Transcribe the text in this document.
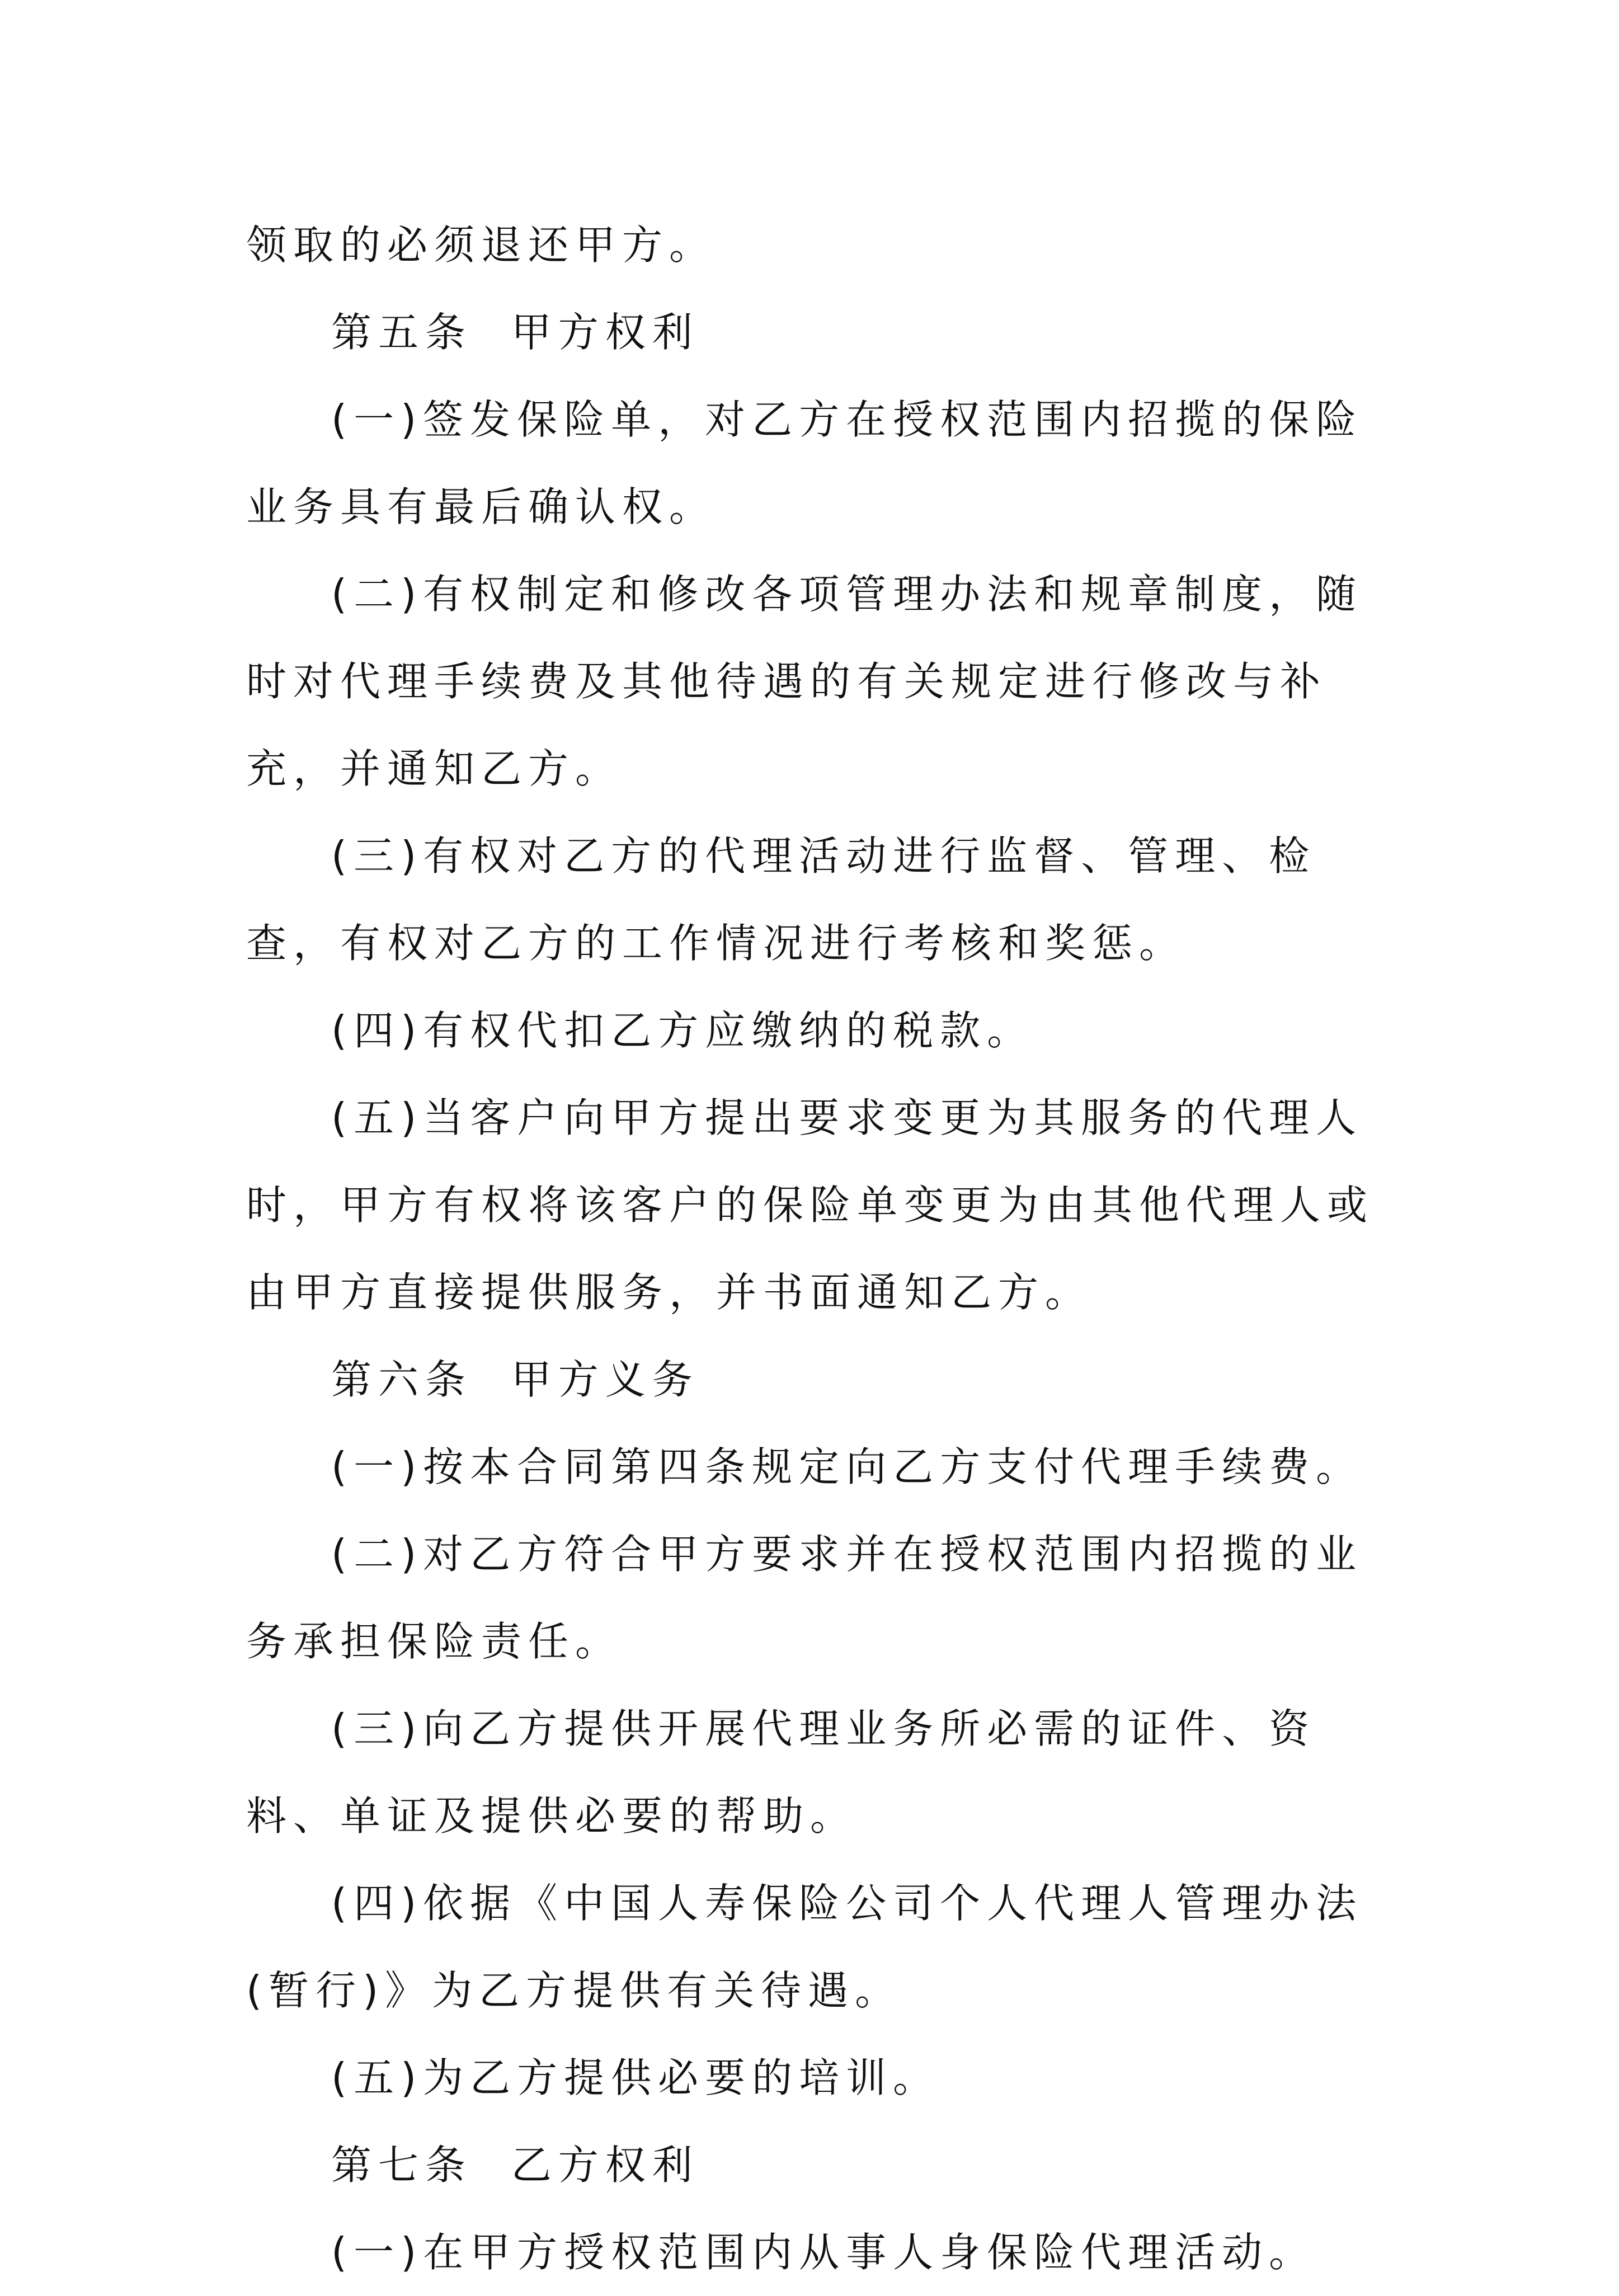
领取的必须退还甲方。

第五条  甲方权利

(一)签发保险单，对乙方在授权范围内招揽的保险业务具有最后确认权。

(二)有权制定和修改各项管理办法和规章制度，随时对代理手续费及其他待遇的有关规定进行修改与补充，并通知乙方。

(三)有权对乙方的代理活动进行监督、管理、检查，有权对乙方的工作情况进行考核和奖惩。

(四)有权代扣乙方应缴纳的税款。

(五)当客户向甲方提出要求变更为其服务的代理人时，甲方有权将该客户的保险单变更为由其他代理人或由甲方直接提供服务，并书面通知乙方。

第六条  甲方义务

(一)按本合同第四条规定向乙方支付代理手续费。

(二)对乙方符合甲方要求并在授权范围内招揽的业务承担保险责任。

(三)向乙方提供开展代理业务所必需的证件、资料、单证及提供必要的帮助。

(四)依据《中国人寿保险公司个人代理人管理办法(暂行)》为乙方提供有关待遇。

(五)为乙方提供必要的培训。

第七条  乙方权利

(一)在甲方授权范围内从事人身保险代理活动。
